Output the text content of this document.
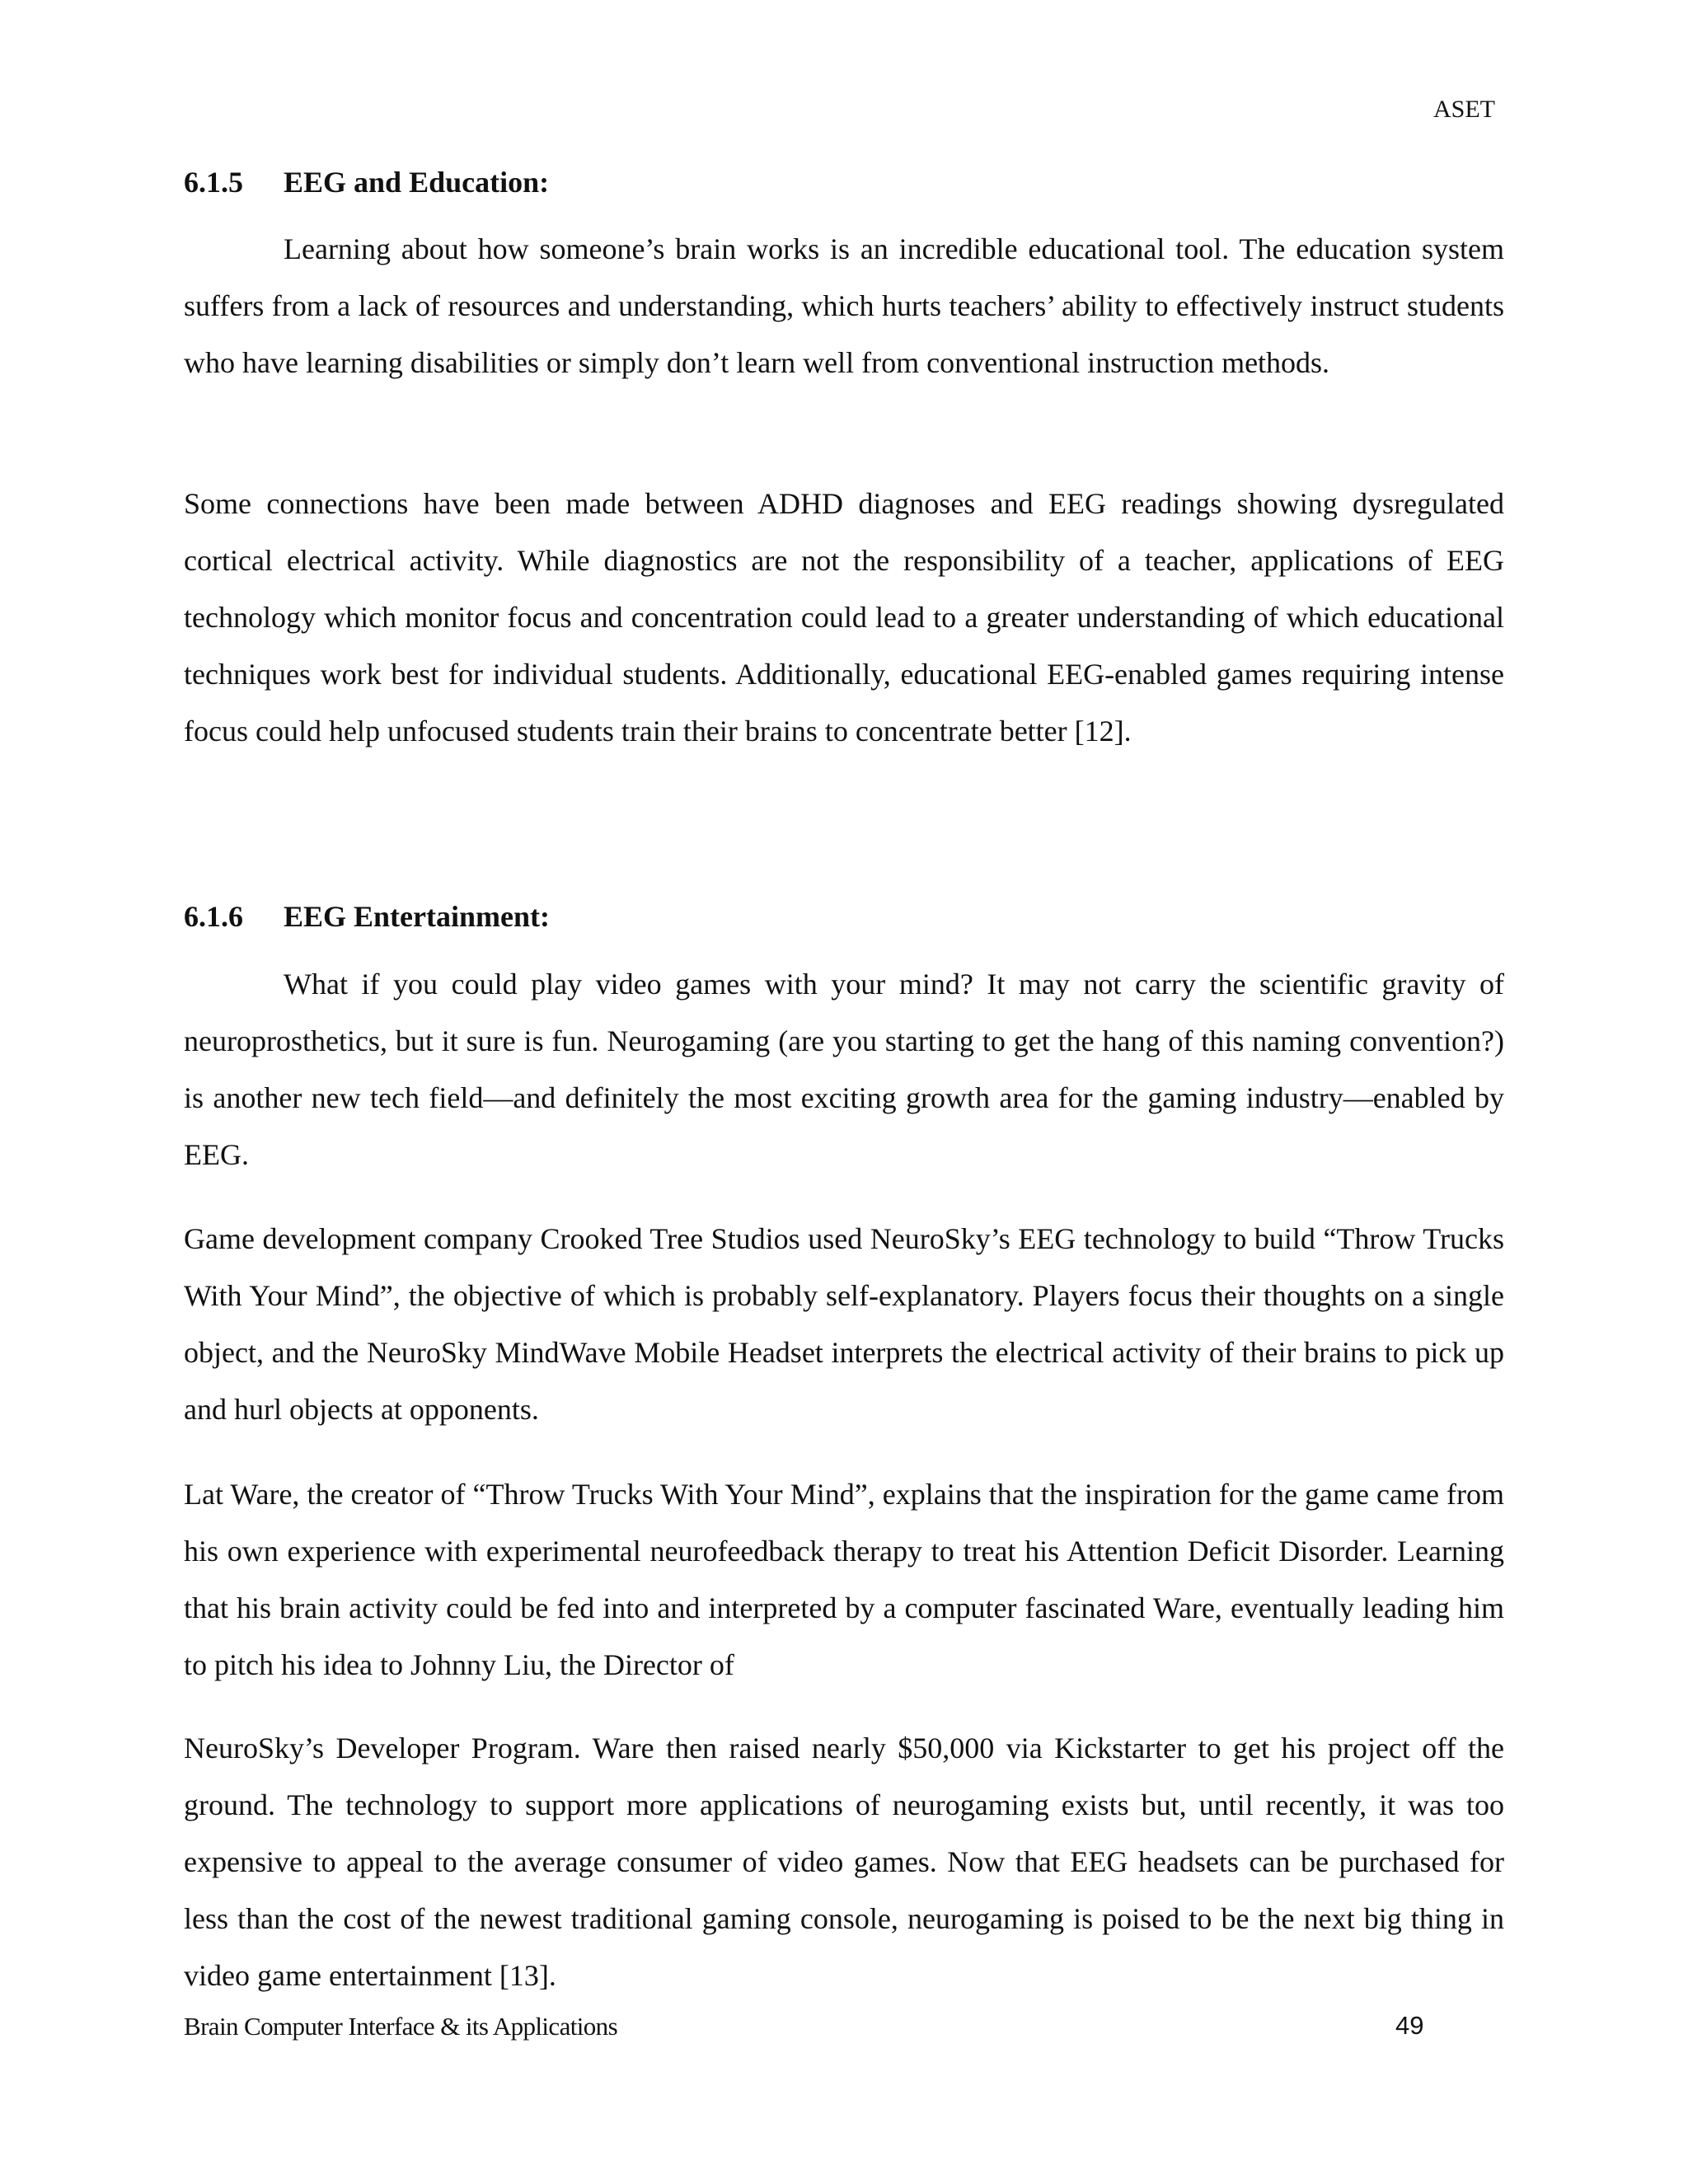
ASET
6.1.5 EEG and Education:

Learning about how someone’s brain works is an incredible educational tool. The education system suffers from a lack of resources and understanding, which hurts teachers’ ability to effectively instruct students who have learning disabilities or simply don’t learn well from conventional instruction methods.

Some connections have been made between ADHD diagnoses and EEG readings showing dysregulated cortical electrical activity. While diagnostics are not the responsibility of a teacher, applications of EEG technology which monitor focus and concentration could lead to a greater understanding of which educational techniques work best for individual students. Additionally, educational EEG-enabled games requiring intense focus could help unfocused students train their brains to concentrate better [12].

6.1.6 EEG Entertainment:

What if you could play video games with your mind? It may not carry the scientific gravity of neuroprosthetics, but it sure is fun. Neurogaming (are you starting to get the hang of this naming convention?) is another new tech field—and definitely the most exciting growth area for the gaming industry—enabled by EEG.

Game development company Crooked Tree Studios used NeuroSky’s EEG technology to build “Throw Trucks With Your Mind”, the objective of which is probably self-explanatory. Players focus their thoughts on a single object, and the NeuroSky MindWave Mobile Headset interprets the electrical activity of their brains to pick up and hurl objects at opponents.

Lat Ware, the creator of “Throw Trucks With Your Mind”, explains that the inspiration for the game came from his own experience with experimental neurofeedback therapy to treat his Attention Deficit Disorder. Learning that his brain activity could be fed into and interpreted by a computer fascinated Ware, eventually leading him to pitch his idea to Johnny Liu, the Director of

NeuroSky’s Developer Program. Ware then raised nearly $50,000 via Kickstarter to get his project off the ground. The technology to support more applications of neurogaming exists but, until recently, it was too expensive to appeal to the average consumer of video games. Now that EEG headsets can be purchased for less than the cost of the newest traditional gaming console, neurogaming is poised to be the next big thing in video game entertainment [13].

Brain Computer Interface & its Applications	49
